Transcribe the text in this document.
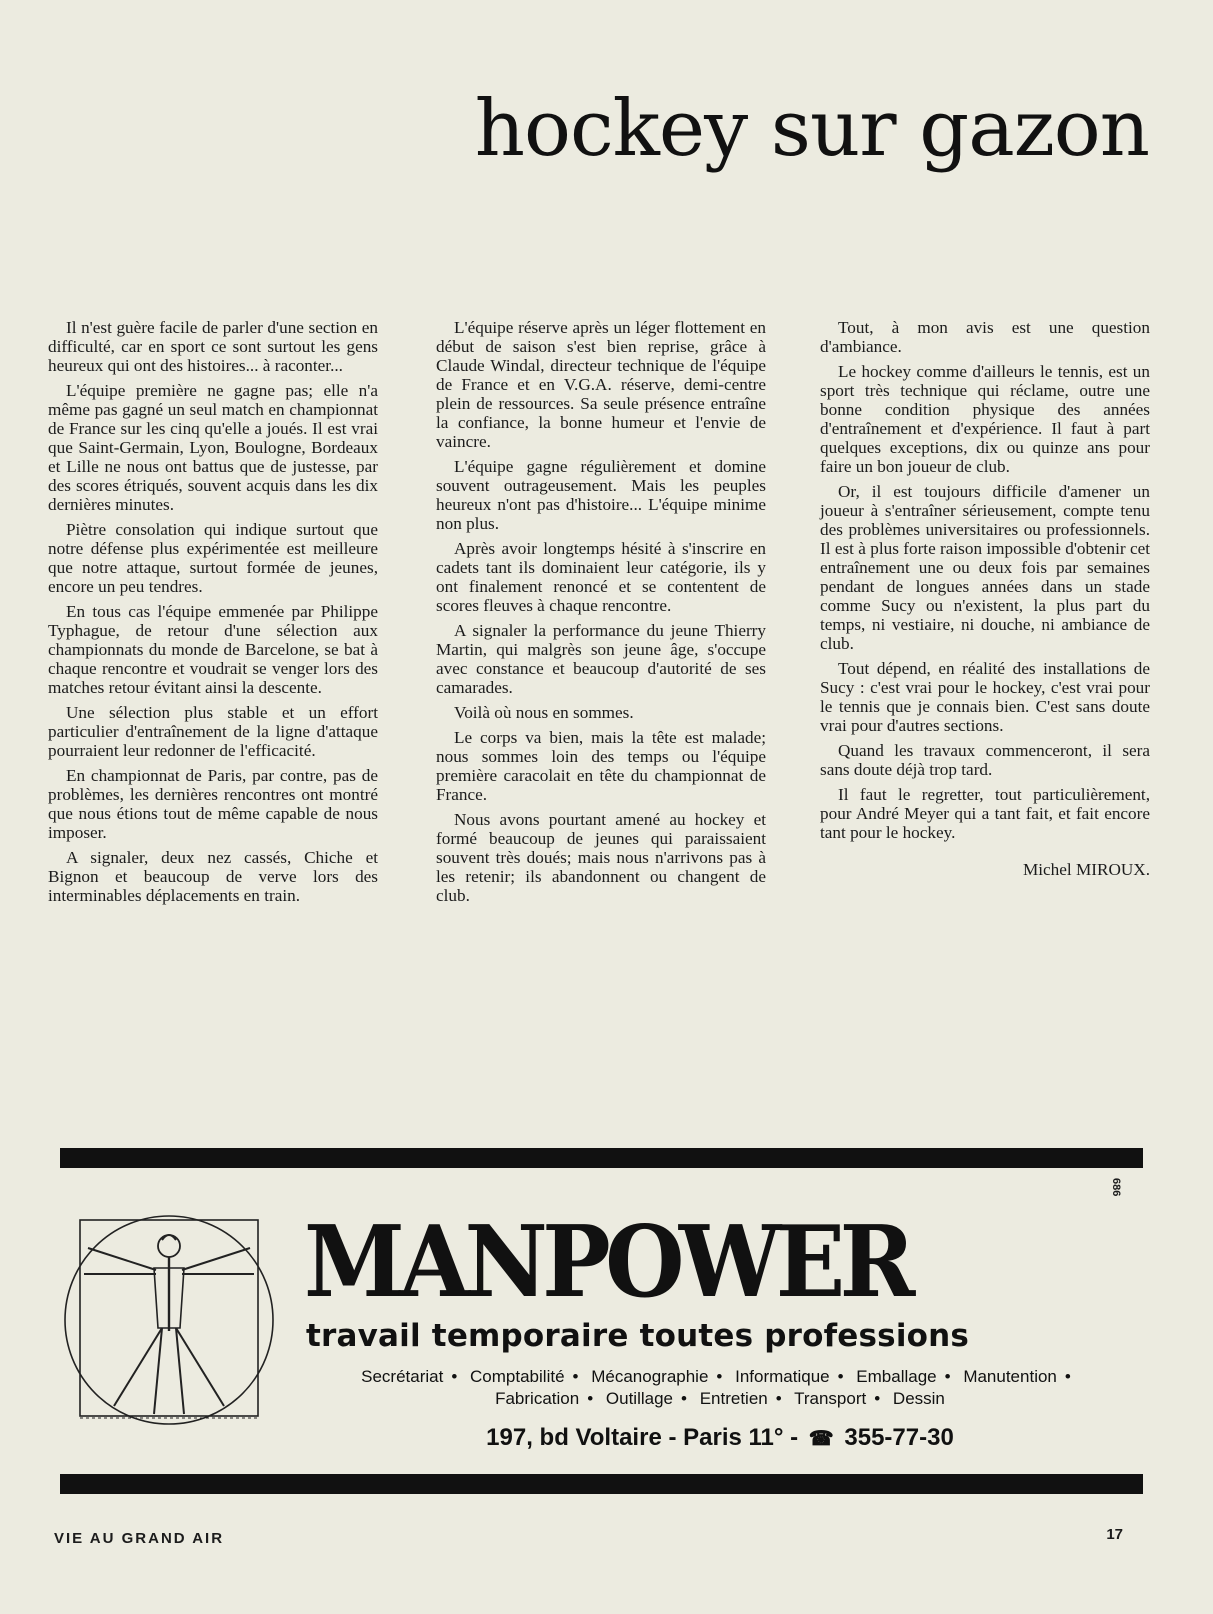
hockey sur gazon

Il n'est guère facile de parler d'une section en difficulté, car en sport ce sont surtout les gens heureux qui ont des histoires... à raconter...

L'équipe première ne gagne pas; elle n'a même pas gagné un seul match en championnat de France sur les cinq qu'elle a joués. Il est vrai que Saint-Germain, Lyon, Boulogne, Bordeaux et Lille ne nous ont battus que de justesse, par des scores étriqués, souvent acquis dans les dix dernières minutes.

Piètre consolation qui indique surtout que notre défense plus expérimentée est meilleure que notre attaque, surtout formée de jeunes, encore un peu tendres.

En tous cas l'équipe emmenée par Philippe Typhague, de retour d'une sélection aux championnats du monde de Barcelone, se bat à chaque rencontre et voudrait se venger lors des matches retour évitant ainsi la descente.

Une sélection plus stable et un effort particulier d'entraînement de la ligne d'attaque pourraient leur redonner de l'efficacité.

En championnat de Paris, par contre, pas de problèmes, les dernières rencontres ont montré que nous étions tout de même capable de nous imposer.

A signaler, deux nez cassés, Chiche et Bignon et beaucoup de verve lors des interminables déplacements en train.

L'équipe réserve après un léger flottement en début de saison s'est bien reprise, grâce à Claude Windal, directeur technique de l'équipe de France et en V.G.A. réserve, demi-centre plein de ressources. Sa seule présence entraîne la confiance, la bonne humeur et l'envie de vaincre.

L'équipe gagne régulièrement et domine souvent outrageusement. Mais les peuples heureux n'ont pas d'histoire... L'équipe minime non plus.

Après avoir longtemps hésité à s'inscrire en cadets tant ils dominaient leur catégorie, ils y ont finalement renoncé et se contentent de scores fleuves à chaque rencontre.

A signaler la performance du jeune Thierry Martin, qui malgrès son jeune âge, s'occupe avec constance et beaucoup d'autorité de ses camarades.

Voilà où nous en sommes.

Le corps va bien, mais la tête est malade; nous sommes loin des temps ou l'équipe première caracolait en tête du championnat de France.

Nous avons pourtant amené au hockey et formé beaucoup de jeunes qui paraissaient souvent très doués; mais nous n'arrivons pas à les retenir; ils abandonnent ou changent de club.

Tout, à mon avis est une question d'ambiance.

Le hockey comme d'ailleurs le tennis, est un sport très technique qui réclame, outre une bonne condition physique des années d'entraînement et d'expérience. Il faut à part quelques exceptions, dix ou quinze ans pour faire un bon joueur de club.

Or, il est toujours difficile d'amener un joueur à s'entraîner sérieusement, compte tenu des problèmes universitaires ou professionnels. Il est à plus forte raison impossible d'obtenir cet entraînement une ou deux fois par semaines pendant de longues années dans un stade comme Sucy ou n'existent, la plus part du temps, ni vestiaire, ni douche, ni ambiance de club.

Tout dépend, en réalité des installations de Sucy : c'est vrai pour le hockey, c'est vrai pour le tennis que je connais bien. C'est sans doute vrai pour d'autres sections.

Quand les travaux commenceront, il sera sans doute déjà trop tard.

Il faut le regretter, tout particulièrement, pour André Meyer qui a tant fait, et fait encore tant pour le hockey.

Michel MIROUX.

686
MANPOWER
travail temporaire toutes professions
Secrétariat • Comptabilité • Mécanographie • Informatique • Emballage • Manutention •
Fabrication • Outillage • Entretien • Transport • Dessin
197, bd Voltaire - Paris 11° - ☎ 355-77-30
VIE AU GRAND AIR	17
